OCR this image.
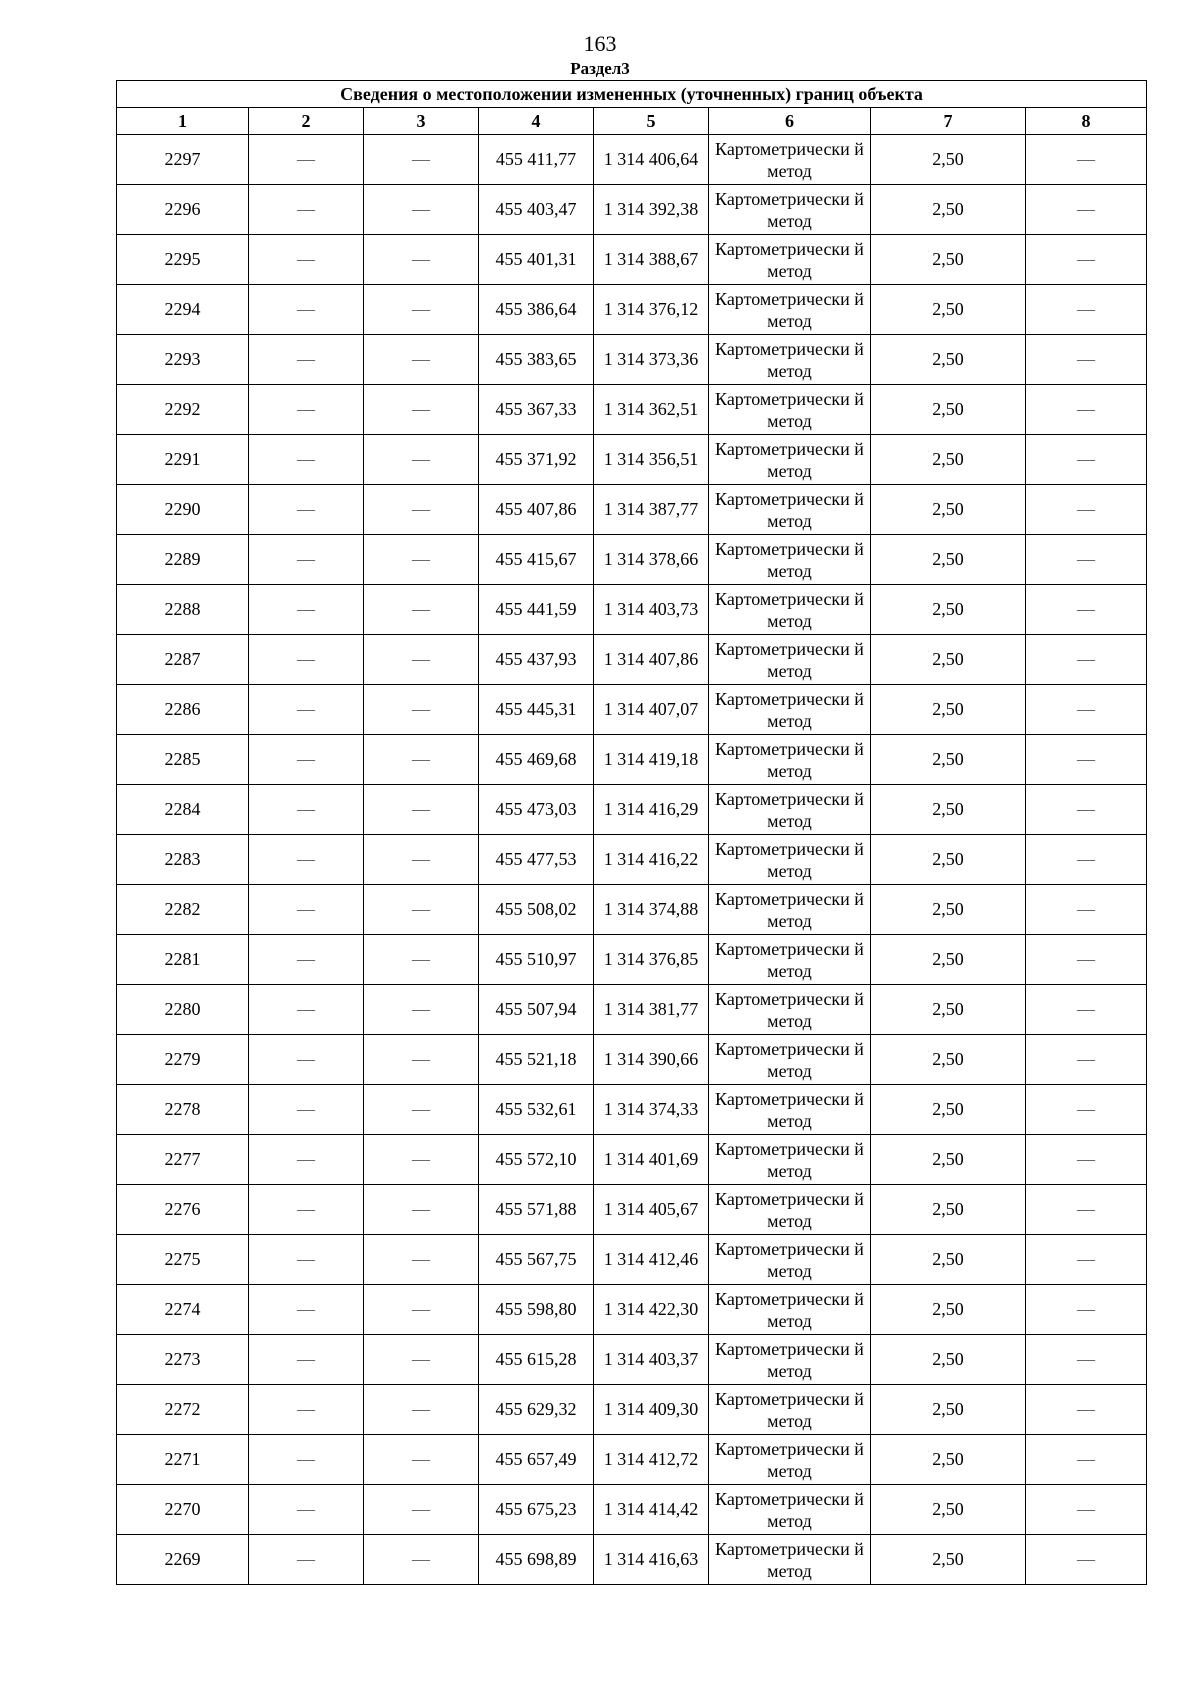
163
Раздел3
Сведения о местоположении измененных (уточненных) границ объекта							
1	2	3	4	5	6	7	8
2297	—	—	455 411,77	1 314 406,64	Картометрически й метод	2,50	—
2296	—	—	455 403,47	1 314 392,38	Картометрически й метод	2,50	—
2295	—	—	455 401,31	1 314 388,67	Картометрически й метод	2,50	—
2294	—	—	455 386,64	1 314 376,12	Картометрически й метод	2,50	—
2293	—	—	455 383,65	1 314 373,36	Картометрически й метод	2,50	—
2292	—	—	455 367,33	1 314 362,51	Картометрически й метод	2,50	—
2291	—	—	455 371,92	1 314 356,51	Картометрически й метод	2,50	—
2290	—	—	455 407,86	1 314 387,77	Картометрически й метод	2,50	—
2289	—	—	455 415,67	1 314 378,66	Картометрически й метод	2,50	—
2288	—	—	455 441,59	1 314 403,73	Картометрически й метод	2,50	—
2287	—	—	455 437,93	1 314 407,86	Картометрически й метод	2,50	—
2286	—	—	455 445,31	1 314 407,07	Картометрически й метод	2,50	—
2285	—	—	455 469,68	1 314 419,18	Картометрически й метод	2,50	—
2284	—	—	455 473,03	1 314 416,29	Картометрически й метод	2,50	—
2283	—	—	455 477,53	1 314 416,22	Картометрически й метод	2,50	—
2282	—	—	455 508,02	1 314 374,88	Картометрически й метод	2,50	—
2281	—	—	455 510,97	1 314 376,85	Картометрически й метод	2,50	—
2280	—	—	455 507,94	1 314 381,77	Картометрически й метод	2,50	—
2279	—	—	455 521,18	1 314 390,66	Картометрически й метод	2,50	—
2278	—	—	455 532,61	1 314 374,33	Картометрически й метод	2,50	—
2277	—	—	455 572,10	1 314 401,69	Картометрически й метод	2,50	—
2276	—	—	455 571,88	1 314 405,67	Картометрически й метод	2,50	—
2275	—	—	455 567,75	1 314 412,46	Картометрически й метод	2,50	—
2274	—	—	455 598,80	1 314 422,30	Картометрически й метод	2,50	—
2273	—	—	455 615,28	1 314 403,37	Картометрически й метод	2,50	—
2272	—	—	455 629,32	1 314 409,30	Картометрически й метод	2,50	—
2271	—	—	455 657,49	1 314 412,72	Картометрически й метод	2,50	—
2270	—	—	455 675,23	1 314 414,42	Картометрически й метод	2,50	—
2269	—	—	455 698,89	1 314 416,63	Картометрически й метод	2,50	—
